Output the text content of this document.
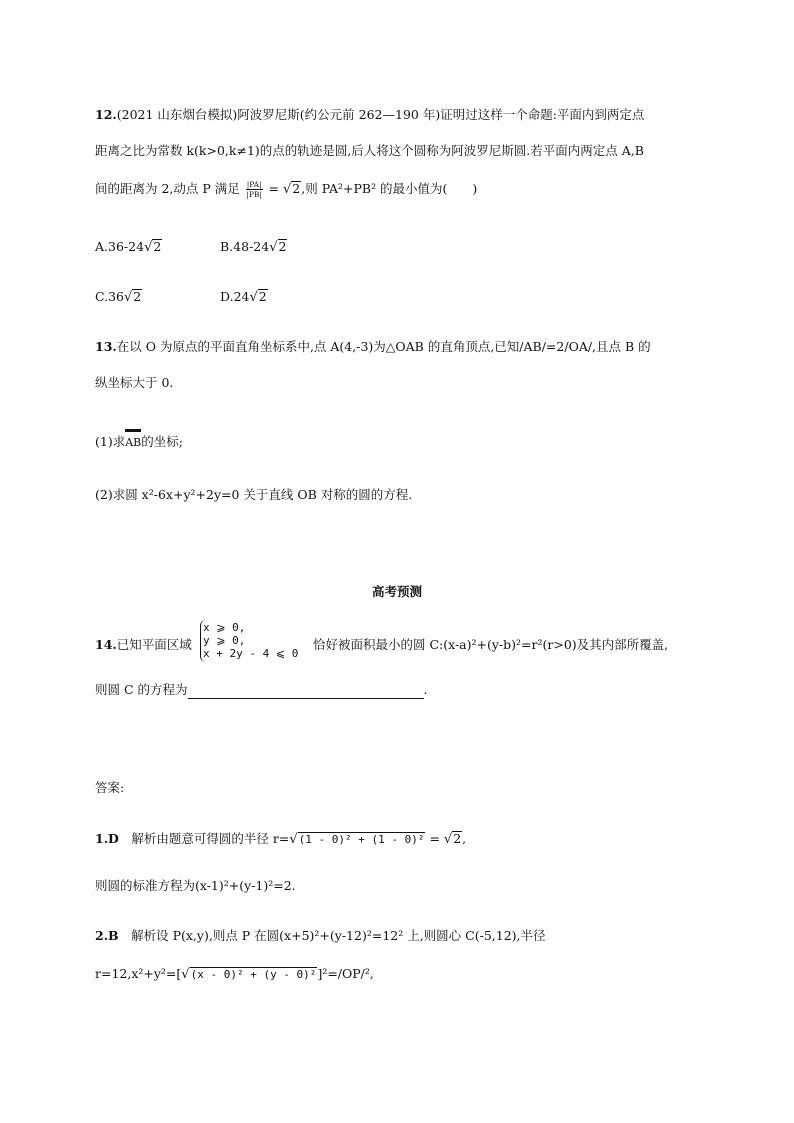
12.(2021 山东烟台模拟)阿波罗尼斯(约公元前 262—190 年)证明过这样一个命题:平面内到两定点
距离之比为常数 k(k>0,k≠1)的点的轨迹是圆,后人将这个圆称为阿波罗尼斯圆.若平面内两定点 A,B
间的距离为 2,动点 P 满足 $\frac{|PA|}{|PB|} = √2$,则 PA²+PB² 的最小值为(　　)
A.36-24√2	B.48-24√2
C.36√2	D.24√2
13.在以 O 为原点的平面直角坐标系中,点 A(4,-3)为△OAB 的直角顶点,已知/AB/=2/OA/,且点 B 的
纵坐标大于 0.
(1)求
AB的坐标;
(2)求圆 x²-6x+y²+2y=0 关于直线 OB 对称的圆的方程.
高考预测
14.已知平面区域
x ⩾ 0,
y ⩾ 0,
x + 2y - 4 ⩽ 0
恰好被面积最小的圆 C:(x-a)²+(y-b)²=r²(r>0)及其内部所覆盖,
则圆 C 的方程为	.
答案:
1.D　解析由题意可得圆的半径 r=√(1 - 0)² + (1 - 0)² = √2,
则圆的标准方程为(x-1)²+(y-1)²=2.
2.B　解析设 P(x,y),则点 P 在圆(x+5)²+(y-12)²=12² 上,则圆心 C(-5,12),半径
r=12,x²+y²=[√(x - 0)² + (y - 0)²]²=/OP/²,
